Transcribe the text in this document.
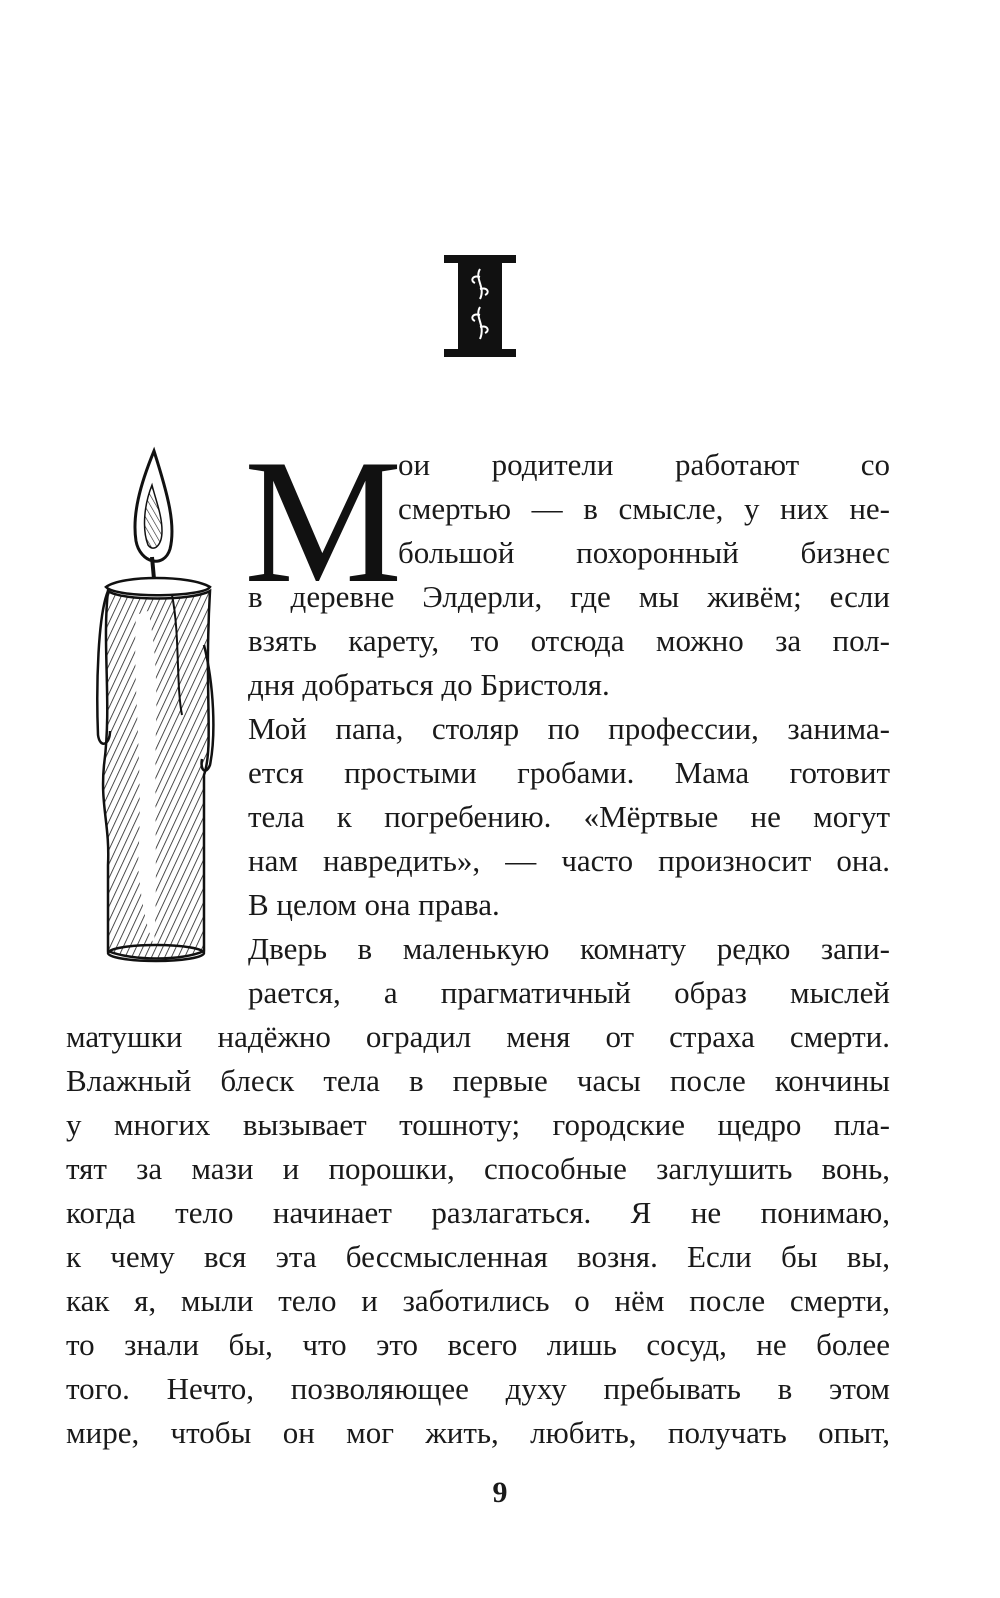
М
ои родители работают со
смертью — в смысле, у них не-
большой похоронный бизнес
в деревне Элдерли, где мы живём; если
взять карету, то отсюда можно за пол-
дня добраться до Бристоля.
Мой папа, столяр по профессии, занима-
ется простыми гробами. Мама готовит
тела к погребению. «Мёртвые не могут
нам навредить», — часто произносит она.
В целом она права.
Дверь в маленькую комнату редко запи-
рается, а прагматичный образ мыслей
матушки надёжно оградил меня от страха смерти.
Влажный блеск тела в первые часы после кончины
у многих вызывает тошноту; городские щедро пла-
тят за мази и порошки, способные заглушить вонь,
когда тело начинает разлагаться. Я не понимаю,
к чему вся эта бессмысленная возня. Если бы вы,
как я, мыли тело и заботились о нём после смерти,
то знали бы, что это всего лишь сосуд, не более
того. Нечто, позволяющее духу пребывать в этом
мире, чтобы он мог жить, любить, получать опыт,
9
